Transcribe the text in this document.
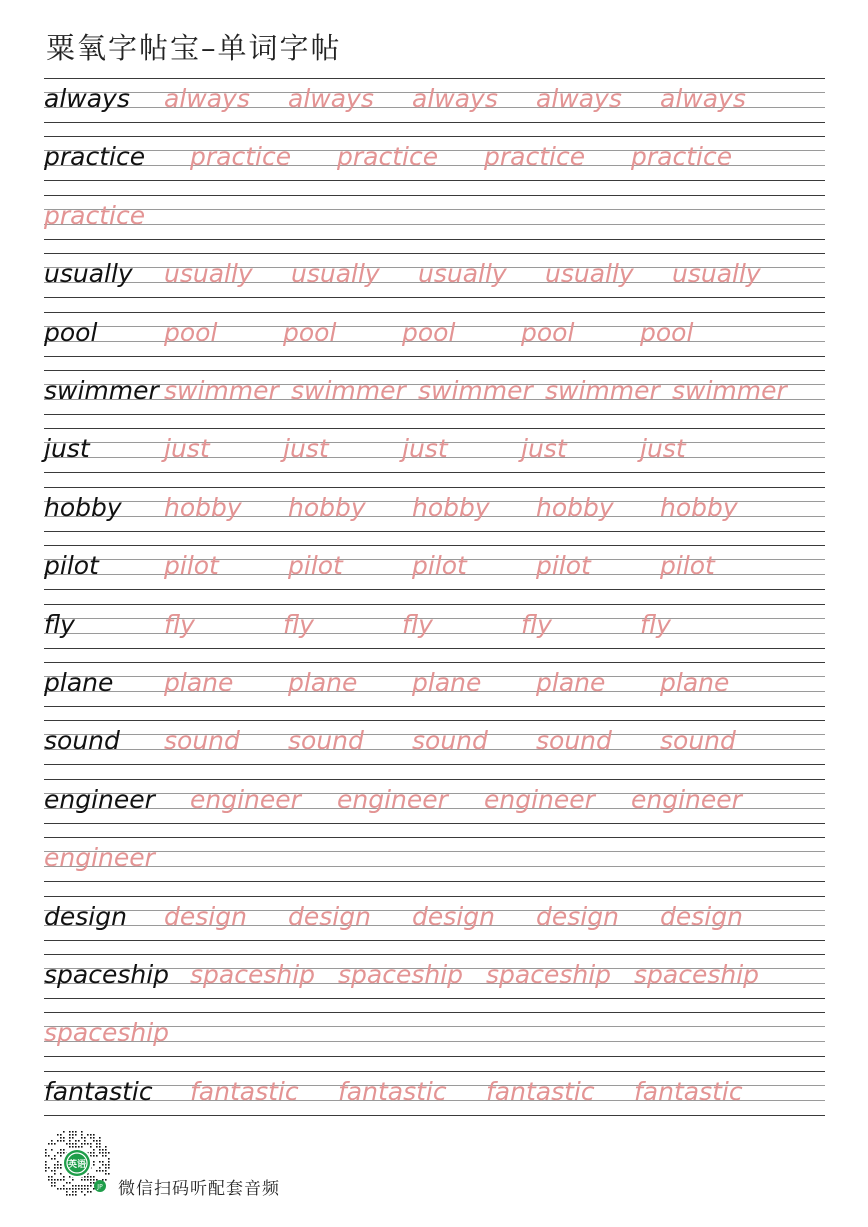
粟氧字帖宝–单词字帖
always always always always always always
practice practice practice practice practice
practice
usually usually usually usually usually usually
pool	pool	pool	pool	pool	pool
swimmer swimmer swimmer swimmer swimmer swimmer
just	just	just	just	just	just
hobby hobby hobby hobby hobby hobby
pilot	pilot	pilot	pilot	pilot	pilot
fly	fly	fly	fly	fly	fly
plane plane plane plane plane plane
sound sound sound sound sound sound
engineer engineer engineer engineer engineer
engineer
design design design design design design
spaceship spaceship spaceship spaceship spaceship
spaceship
fantastic fantastic fantastic fantastic fantastic
英语
JP 微信扫码听配套音频
